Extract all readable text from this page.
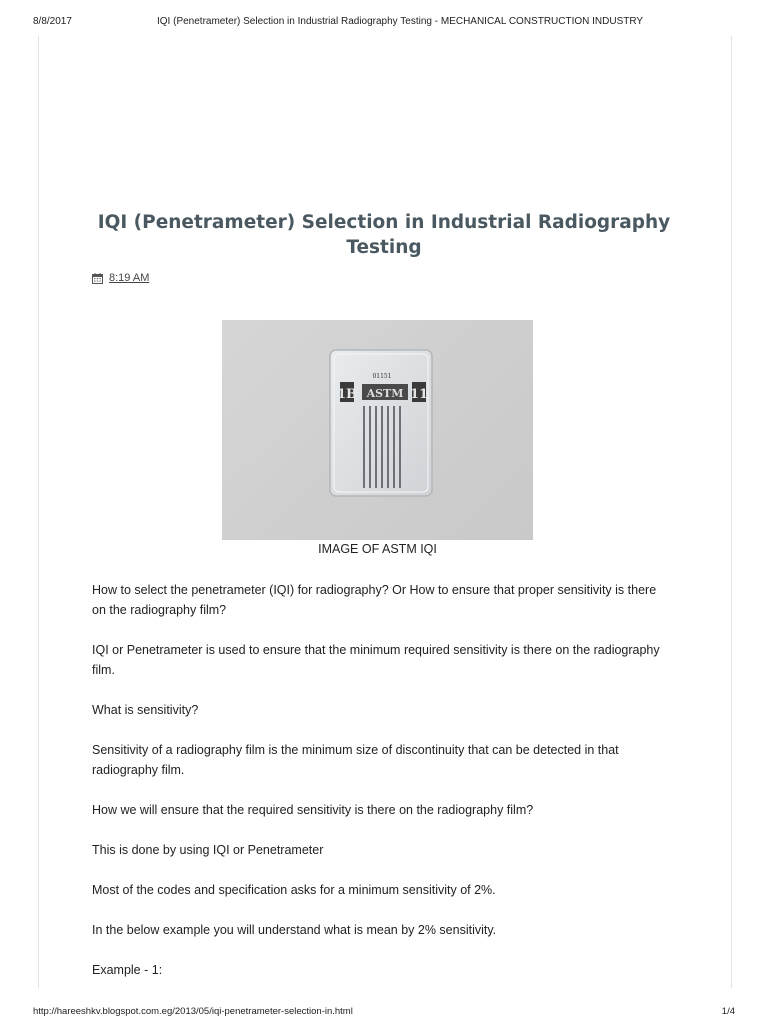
8/8/2017	IQI (Penetrameter) Selection in Industrial Radiography Testing - MECHANICAL CONSTRUCTION INDUSTRY
IQI (Penetrameter) Selection in Industrial Radiography Testing
8:19 AM
01151
1B ASTM 11
IMAGE OF ASTM IQI

How to select the penetrameter (IQI) for radiography? Or How to ensure that proper sensitivity is there on the radiography film?

IQI or Penetrameter is used to ensure that the minimum required sensitivity is there on the radiography film.

What is sensitivity?

Sensitivity of a radiography film is the minimum size of discontinuity that can be detected in that radiography film.

How we will ensure that the required sensitivity is there on the radiography film?

This is done by using IQI or Penetrameter

Most of the codes and specification asks for a minimum sensitivity of 2%.

In the below example you will understand what is mean by 2% sensitivity.

Example - 1:

http://hareeshkv.blogspot.com.eg/2013/05/iqi-penetrameter-selection-in.html	1/4
